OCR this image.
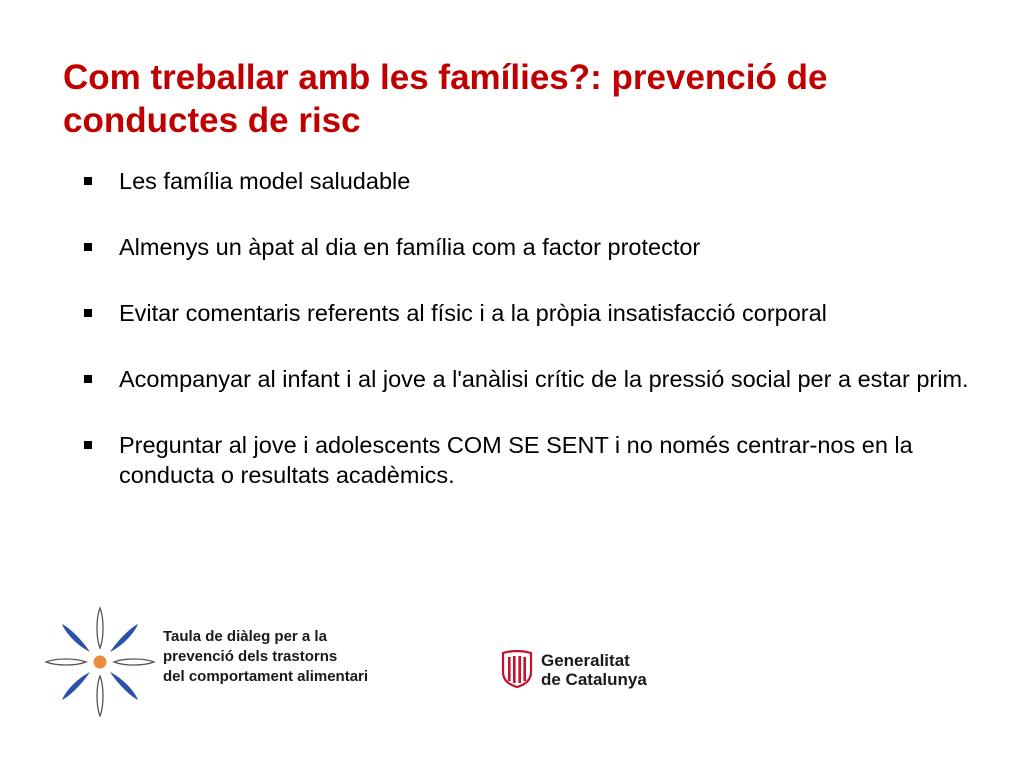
Com treballar amb les famílies?: prevenció de conductes de risc
Les família model saludable
Almenys un àpat al dia en família com a factor protector
Evitar comentaris referents al físic i a la pròpia insatisfacció corporal
Acompanyar al infant i al jove a l'anàlisi crític de la pressió social per a estar prim.
Preguntar al jove i adolescents COM SE SENT i no només centrar-nos en la conducta o resultats acadèmics.
Taula de diàleg per a la
prevenció dels trastorns
del comportament alimentari
Generalitat
de Catalunya
